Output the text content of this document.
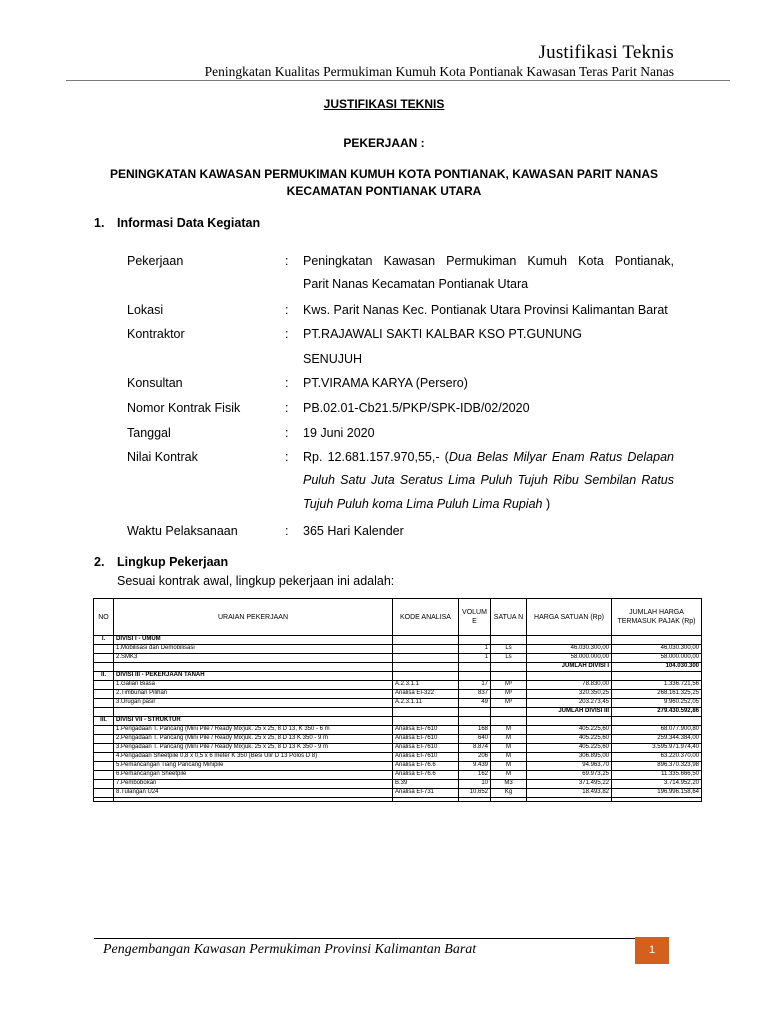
Justifikasi Teknis
Peningkatan Kualitas Permukiman Kumuh Kota Pontianak Kawasan Teras Parit Nanas
JUSTIFIKASI TEKNIS
PEKERJAAN :
PENINGKATAN KAWASAN PERMUKIMAN KUMUH KOTA PONTIANAK, KAWASAN PARIT NANAS
KECAMATAN PONTIANAK UTARA
1. Informasi Data Kegiatan
Pekerjaan	: Peningkatan Kawasan Permukiman Kumuh Kota Pontianak,
Parit Nanas Kecamatan Pontianak Utara
Lokasi	: Kws. Parit Nanas Kec. Pontianak Utara Provinsi Kalimantan Barat
Kontraktor	: PT.RAJAWALI SAKTI KALBAR KSO PT.GUNUNG
SENUJUH
Konsultan	: PT.VIRAMA KARYA (Persero)
Nomor Kontrak Fisik	: PB.02.01-Cb21.5/PKP/SPK-IDB/02/2020
Tanggal	: 19 Juni 2020
Nilai Kontrak	: Rp. 12.681.157.970,55,- (Dua Belas Milyar Enam Ratus Delapan
Puluh Satu Juta Seratus Lima Puluh Tujuh Ribu Sembilan Ratus
Tujuh Puluh koma Lima Puluh Lima Rupiah )
Waktu Pelaksanaan	: 365 Hari Kalender
2. Lingkup Pekerjaan
Sesuai kontrak awal, lingkup pekerjaan ini adalah:
NO	URAIAN PEKERJAAN	KODE ANALISA	VOLUM E	SATUA N	HARGA SATUAN (Rp)	JUMLAH HARGA TERMASUK PAJAK (Rp)
I.	DIVISI I - UMUM					
	1.Mobilisasi dan Demobilisasi		1	Ls	46.030.300,00	46.030.300,00
	2.SMK3		1	Ls	58.000.000,00	58.000.000,00
					JUMLAH DIVISI I	104.030.300
II.	DIVISI III - PEKERJAAN TANAH					
	1.Galian Biasa	A.2.3.1.1	17	M³	78.830,00	1.336.721,56
	2.Timbunan Pilihan	Analisa EI-322	837	M³	320.350,25	268.161.325,25
	3.Urugan pasir	A.2.3.1.11	49	M³	203.273,45	9.960.252,05
					JUMLAH DIVISI III	279.430.592,86
III.	DIVISI VII - STRUKTUR					
	1.Pengadaan T. Pancang (Mini Pile / Ready Mix)uk. 25 x 25, 8 D 13, K 350 - 6 m	Analisa EI-7610	168	M	405.225,60	68.077.900,80
	2.Pengadaan T. Pancang (Mini Pile / Ready Mix)uk. 25 x 25, 8 D 13 K 350 - 9 m	Analisa EI-7610	640	M	405.225,60	259.344.384,00
	3.Pengadaan T. Pancang (Mini Pile / Ready Mix)uk. 25 x 25, 8 D 13 K 350 - 9 m	Analisa EI-7610	8.874	M	405.225,60	3.595.971.974,40
	4.Pengadaan Sheetpile 0,8 x 0,5 x 6 meter K 350 (Besi Ulir D 13 Polos D 8)	Analisa EI-7610	206	M	306.895,00	63.220.370,00
	5.Pemancangan Tiang Pancang Minipile	Analisa EI-76.6	9.439	M	94.963,70	896.370.323,98
	6.Pemancangan Sheetpile	Analisa EI-76.6	162	M	69.973,25	11.335.666,50
	7.Pembobokan	B.39	10	M3	371.495,22	3.714.952,20
	8.Tulangan U24	Analisa EI-731	10.652	Kg	18.493,82	196.996.158,64

Pengembangan Kawasan Permukiman Provinsi Kalimantan Barat	1
